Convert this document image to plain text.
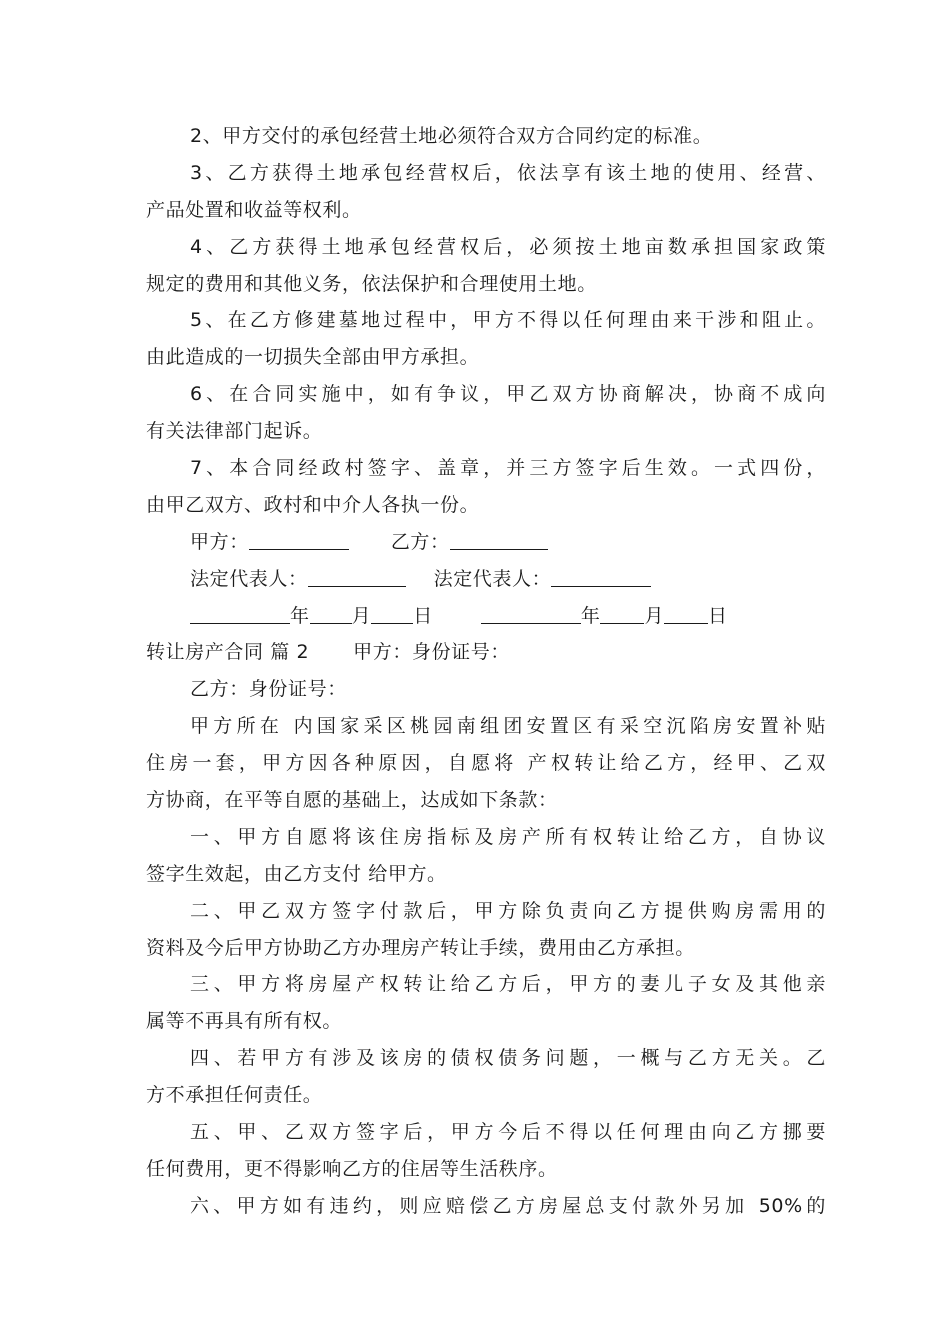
2、甲方交付的承包经营土地必须符合双方合同约定的标准。
3、乙方获得土地承包经营权后，依法享有该土地的使用、经营、
产品处置和收益等权利。
4、乙方获得土地承包经营权后，必须按土地亩数承担国家政策
规定的费用和其他义务，依法保护和合理使用土地。
5、在乙方修建墓地过程中，甲方不得以任何理由来干涉和阻止。
由此造成的一切损失全部由甲方承担。
6、在合同实施中，如有争议，甲乙双方协商解决，协商不成向
有关法律部门起诉。
7、本合同经政村签字、盖章，并三方签字后生效。一式四份，
由甲乙双方、政村和中介人各执一份。
甲方：	乙方：
法定代表人：	法定代表人：
年 月 日	年 月 日
转让房产合同 篇 2 甲方：身份证号：
乙方：身份证号：
甲方所在 内国家采区桃园南组团安置区有采空沉陷房安置补贴
住房一套，甲方因各种原因，自愿将 产权转让给乙方，经甲、乙双
方协商，在平等自愿的基础上，达成如下条款：
一、甲方自愿将该住房指标及房产所有权转让给乙方，自协议
签字生效起，由乙方支付 给甲方。
二、甲乙双方签字付款后，甲方除负责向乙方提供购房需用的
资料及今后甲方协助乙方办理房产转让手续，费用由乙方承担。
三、甲方将房屋产权转让给乙方后，甲方的妻儿子女及其他亲
属等不再具有所有权。
四、若甲方有涉及该房的债权债务问题，一概与乙方无关。乙
方不承担任何责任。
五、甲、乙双方签字后，甲方今后不得以任何理由向乙方挪要
任何费用，更不得影响乙方的住居等生活秩序。
六、甲方如有违约，则应赔偿乙方房屋总支付款外另加 50%的
